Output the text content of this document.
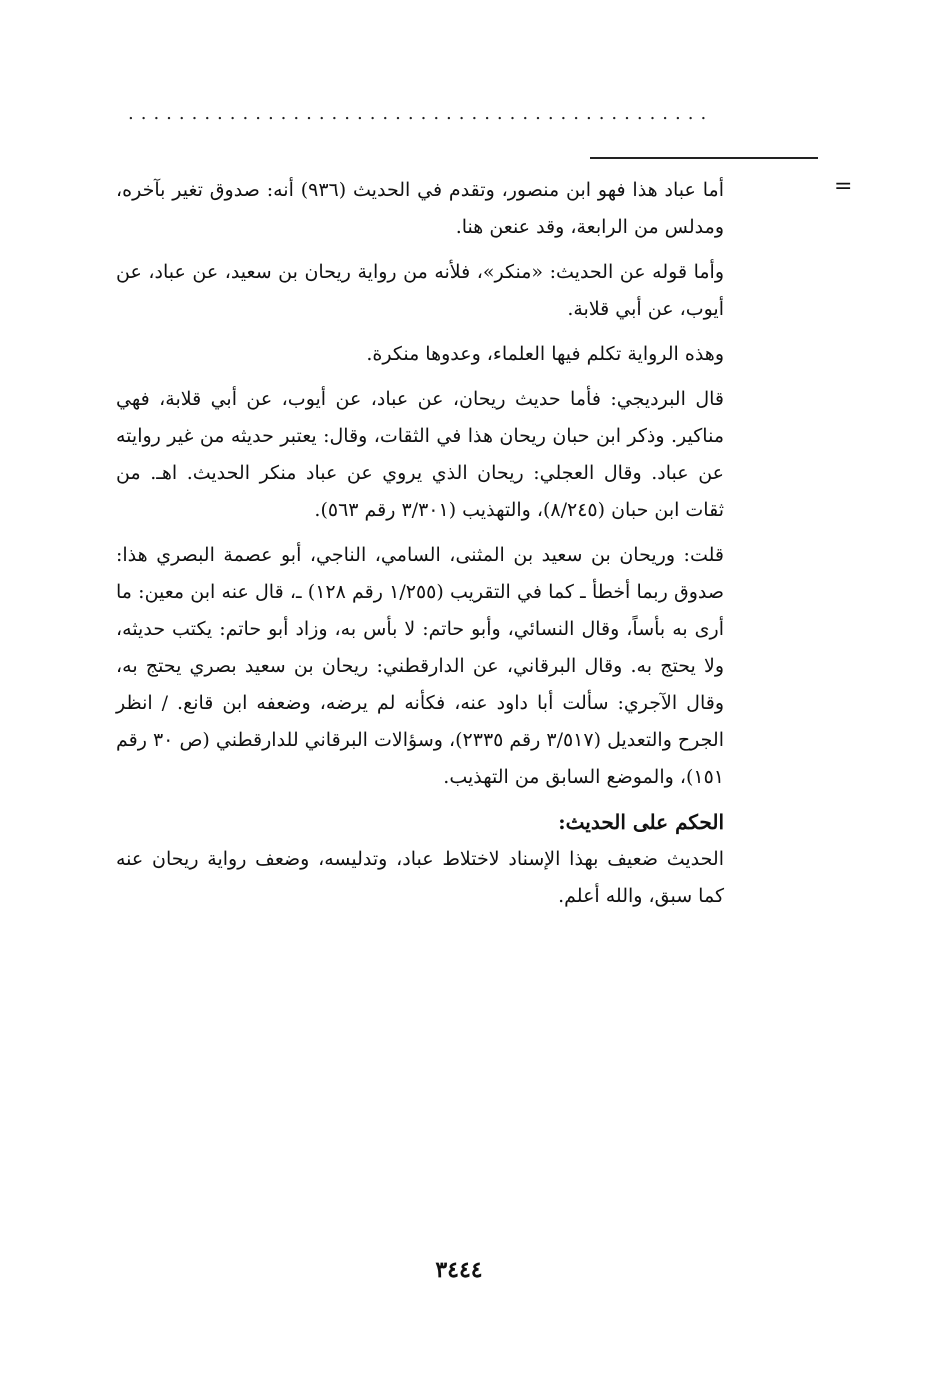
..............................................
=

أما عباد هذا فهو ابن منصور، وتقدم في الحديث (٩٣٦) أنه: صدوق تغير بآخره، ومدلس من الرابعة، وقد عنعن هنا.

وأما قوله عن الحديث: «منكر»، فلأنه من رواية ريحان بن سعيد، عن عباد، عن أيوب، عن أبي قلابة.

وهذه الرواية تكلم فيها العلماء، وعدوها منكرة.

قال البرديجي: فأما حديث ريحان، عن عباد، عن أيوب، عن أبي قلابة، فهي مناكير. وذكر ابن حبان ريحان هذا في الثقات، وقال: يعتبر حديثه من غير روايته عن عباد. وقال العجلي: ريحان الذي يروي عن عباد منكر الحديث. اهـ. من ثقات ابن حبان (٨/٢٤٥)، والتهذيب (٣/٣٠١ رقم ٥٦٣).

قلت: وريحان بن سعيد بن المثنى، السامي، الناجي، أبو عصمة البصري هذا: صدوق ربما أخطأ ـ كما في التقريب (١/٢٥٥ رقم ١٢٨) ـ، قال عنه ابن معين: ما أرى به بأساً، وقال النسائي، وأبو حاتم: لا بأس به، وزاد أبو حاتم: يكتب حديثه، ولا يحتج به. وقال البرقاني، عن الدارقطني: ريحان بن سعيد بصري يحتج به، وقال الآجري: سألت أبا داود عنه، فكأنه لم يرضه، وضعفه ابن قانع. / انظر الجرح والتعديل (٣/٥١٧ رقم ٢٣٣٥)، وسؤالات البرقاني للدارقطني (ص ٣٠ رقم ١٥١)، والموضع السابق من التهذيب.

الحكم على الحديث:

الحديث ضعيف بهذا الإسناد لاختلاط عباد، وتدليسه، وضعف رواية ريحان عنه كما سبق، والله أعلم.

٣٤٤٤
